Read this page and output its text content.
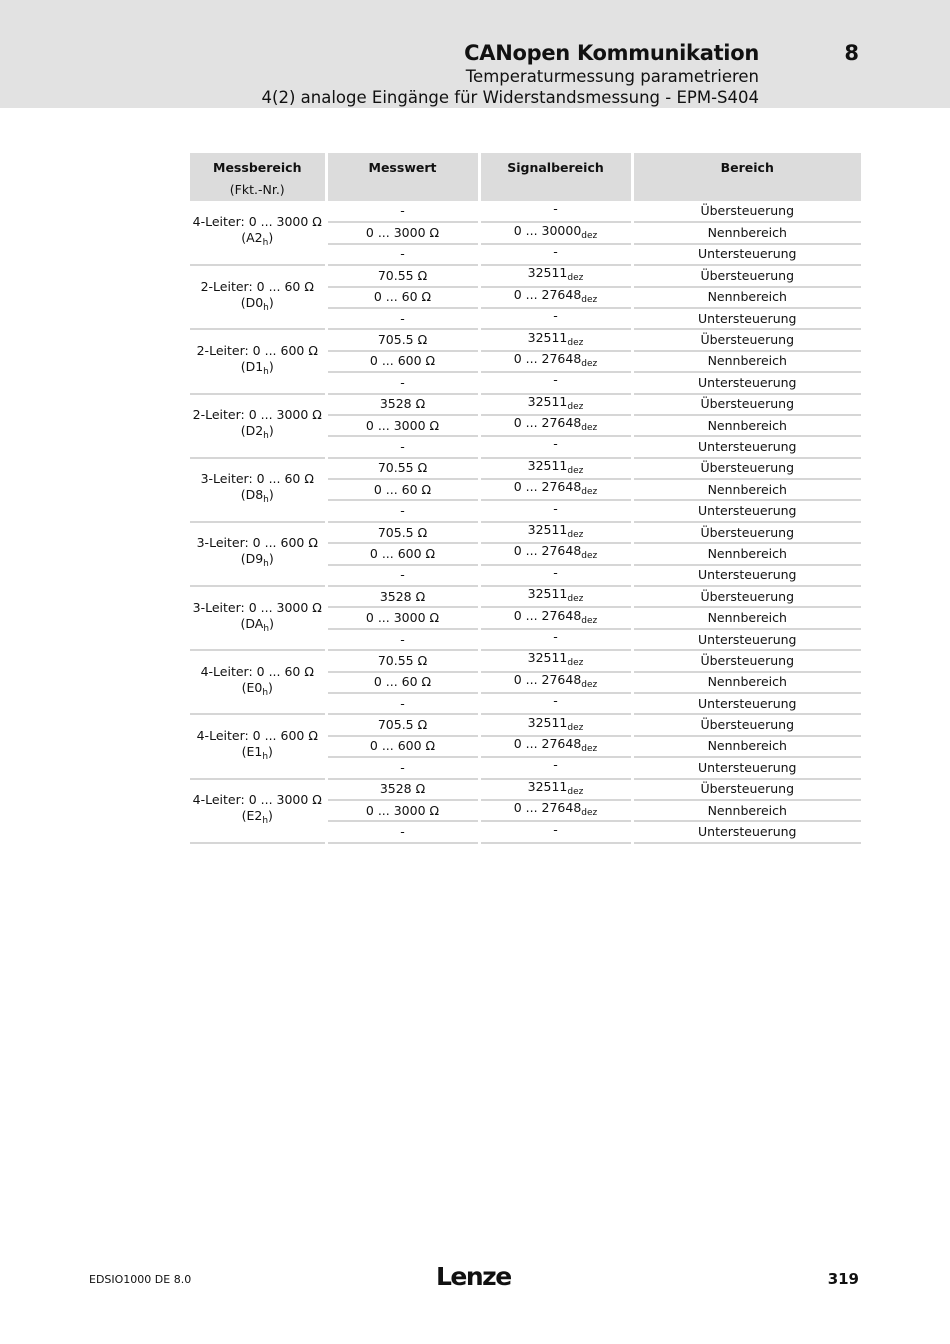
CANopen Kommunikation	8
Temperaturmessung parametrieren
4(2) analoge Eingänge für Widerstandsmessung - EPM-S404
Messbereich
(Fkt.-Nr.)	Messwert	Signalbereich	Bereich

4-Leiter: 0 ... 3000 Ω
$(A2_h)$	-	-	Übersteuerung
	0 ... 3000 Ω	0 ... $30000_{dez}$	Nennbereich
	-	-	Untersteuerung

2-Leiter: 0 ... 60 Ω
$(D0_h)$	70.55 Ω	$32511_{dez}$	Übersteuerung
	0 ... 60 Ω	0 ... $27648_{dez}$	Nennbereich
	-	-	Untersteuerung

2-Leiter: 0 ... 600 Ω
$(D1_h)$	705.5 Ω	$32511_{dez}$	Übersteuerung
	0 ... 600 Ω	0 ... $27648_{dez}$	Nennbereich
	-	-	Untersteuerung

2-Leiter: 0 ... 3000 Ω
$(D2_h)$	3528 Ω	$32511_{dez}$	Übersteuerung
	0 ... 3000 Ω	0 ... $27648_{dez}$	Nennbereich
	-	-	Untersteuerung

3-Leiter: 0 ... 60 Ω
$(D8_h)$	70.55 Ω	$32511_{dez}$	Übersteuerung
	0 ... 60 Ω	0 ... $27648_{dez}$	Nennbereich
	-	-	Untersteuerung

3-Leiter: 0 ... 600 Ω
$(D9_h)$	705.5 Ω	$32511_{dez}$	Übersteuerung
	0 ... 600 Ω	0 ... $27648_{dez}$	Nennbereich
	-	-	Untersteuerung

3-Leiter: 0 ... 3000 Ω
$(DA_h)$	3528 Ω	$32511_{dez}$	Übersteuerung
	0 ... 3000 Ω	0 ... $27648_{dez}$	Nennbereich
	-	-	Untersteuerung

4-Leiter: 0 ... 60 Ω
$(E0_h)$	70.55 Ω	$32511_{dez}$	Übersteuerung
	0 ... 60 Ω	0 ... $27648_{dez}$	Nennbereich
	-	-	Untersteuerung

4-Leiter: 0 ... 600 Ω
$(E1_h)$	705.5 Ω	$32511_{dez}$	Übersteuerung
	0 ... 600 Ω	0 ... $27648_{dez}$	Nennbereich
	-	-	Untersteuerung

4-Leiter: 0 ... 3000 Ω
$(E2_h)$	3528 Ω	$32511_{dez}$	Übersteuerung
	0 ... 3000 Ω	0 ... $27648_{dez}$	Nennbereich
	-	-	Untersteuerung
EDSIO1000 DE 8.0	Lenze	319
